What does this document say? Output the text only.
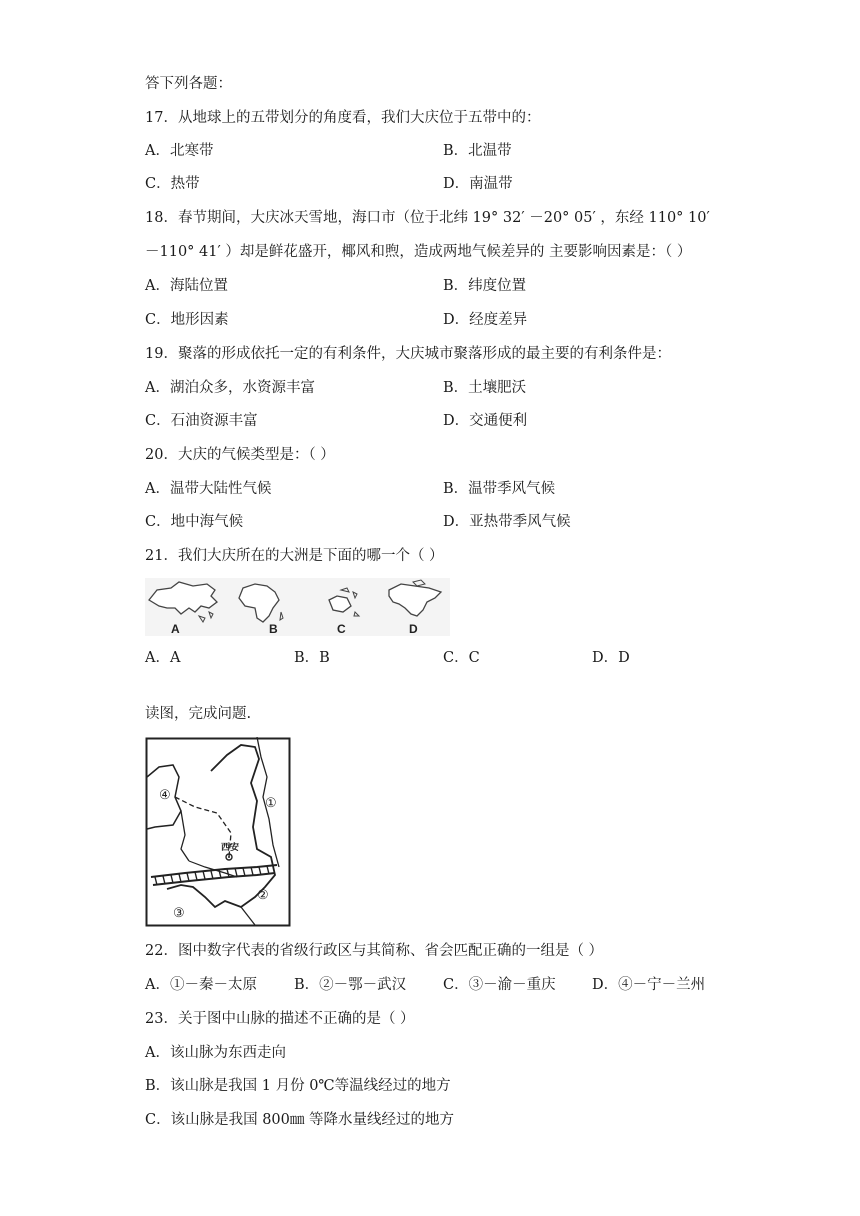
答下列各题：
17．从地球上的五带划分的角度看，我们大庆位于五带中的：
A．北寒带	B．北温带
C．热带	D．南温带
18．春节期间，大庆冰天雪地，海口市（位于北纬 19° 32′ －20° 05′ ，东经 110° 10′
－110° 41′ ）却是鲜花盛开，椰风和煦，造成两地气候差异的 主要影响因素是：（ ）
A．海陆位置	B．纬度位置
C．地形因素	D．经度差异
19．聚落的形成依托一定的有利条件，大庆城市聚落形成的最主要的有利条件是：
A．湖泊众多，水资源丰富	B．土壤肥沃
C．石油资源丰富	D．交通便利
20．大庆的气候类型是：（ ）
A．温带大陆性气候	B．温带季风气候
C．地中海气候	D．亚热带季风气候
21．我们大庆所在的大洲是下面的哪一个（ ）
A	B	C	D
A．A	B．B	C．C	D．D
读图，完成问题.
④
①
西安
②
③
22．图中数字代表的省级行政区与其简称、省会匹配正确的一组是（ ）
A．①－秦－太原	B．②－鄂－武汉	C．③－渝－重庆	D．④－宁－兰州
23．关于图中山脉的描述不正确的是（ ）
A．该山脉为东西走向
B．该山脉是我国 1 月份 0℃等温线经过的地方
C．该山脉是我国 800㎜ 等降水量线经过的地方
